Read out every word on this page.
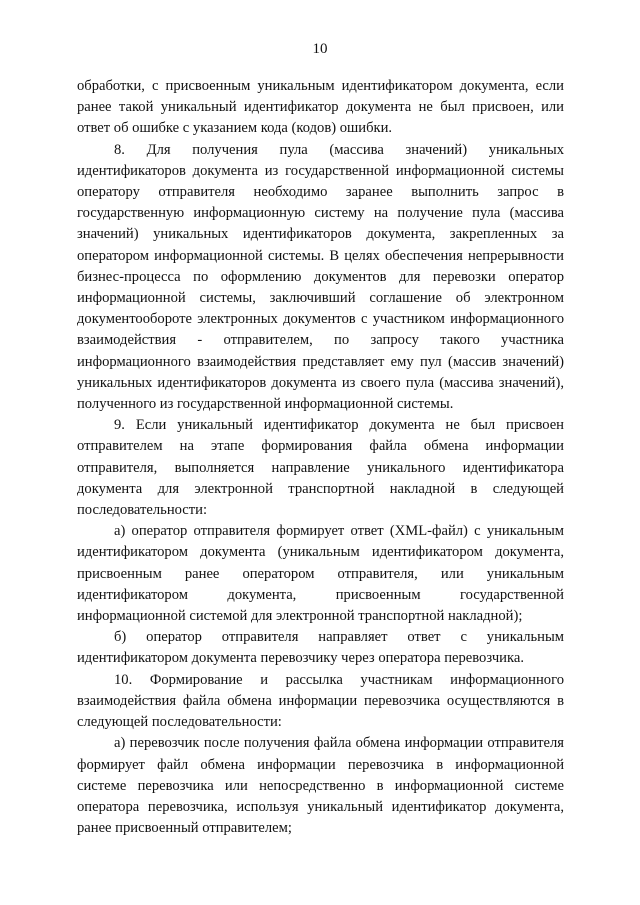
10

обработки, с присвоенным уникальным идентификатором документа, если ранее такой уникальный идентификатор документа не был присвоен, или ответ об ошибке с указанием кода (кодов) ошибки.

8. Для получения пула (массива значений) уникальных идентификаторов документа из государственной информационной системы оператору отправителя необходимо заранее выполнить запрос в государственную информационную систему на получение пула (массива значений) уникальных идентификаторов документа, закрепленных за оператором информационной системы. В целях обеспечения непрерывности бизнес-процесса по оформлению документов для перевозки оператор информационной системы, заключивший соглашение об электронном документообороте электронных документов с участником информационного взаимодействия - отправителем, по запросу такого участника информационного взаимодействия представляет ему пул (массив значений) уникальных идентификаторов документа из своего пула (массива значений), полученного из государственной информационной системы.

9. Если уникальный идентификатор документа не был присвоен отправителем на этапе формирования файла обмена информации отправителя, выполняется направление уникального идентификатора документа для электронной транспортной накладной в следующей последовательности:

а) оператор отправителя формирует ответ (XML-файл) с уникальным идентификатором документа (уникальным идентификатором документа, присвоенным ранее оператором отправителя, или уникальным идентификатором документа, присвоенным государственной информационной системой для электронной транспортной накладной);

б) оператор отправителя направляет ответ с уникальным идентификатором документа перевозчику через оператора перевозчика.

10. Формирование и рассылка участникам информационного взаимодействия файла обмена информации перевозчика осуществляются в следующей последовательности:

а) перевозчик после получения файла обмена информации отправителя формирует файл обмена информации перевозчика в информационной системе перевозчика или непосредственно в информационной системе оператора перевозчика, используя уникальный идентификатор документа, ранее присвоенный отправителем;
